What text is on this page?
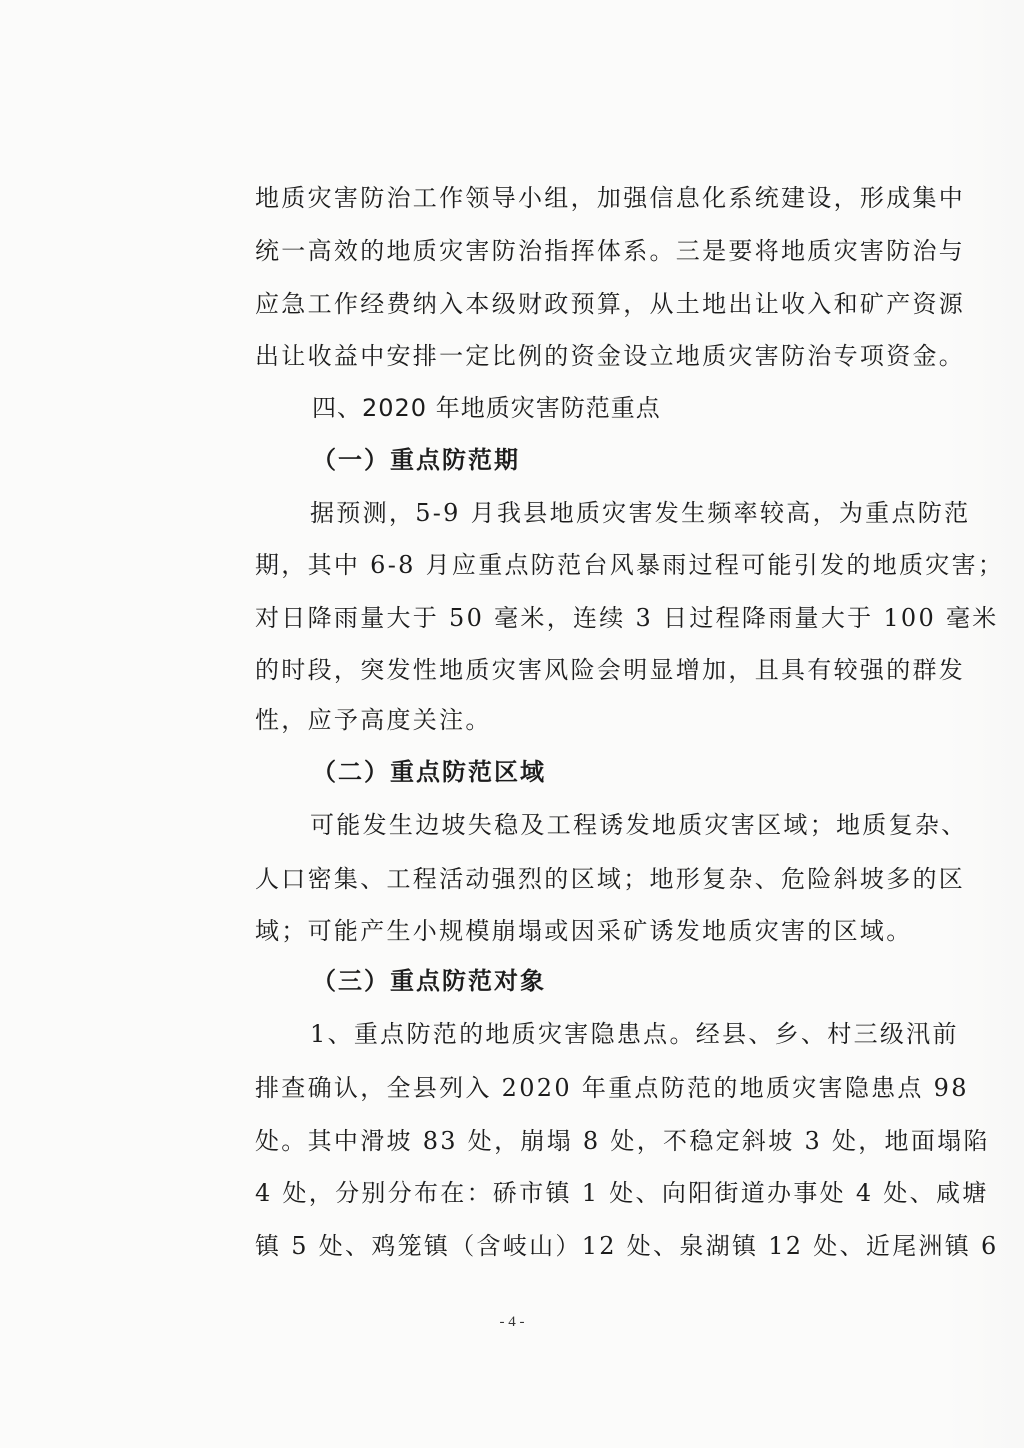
地质灾害防治工作领导小组，加强信息化系统建设，形成集中
统一高效的地质灾害防治指挥体系。三是要将地质灾害防治与
应急工作经费纳入本级财政预算，从土地出让收入和矿产资源
出让收益中安排一定比例的资金设立地质灾害防治专项资金。
四、2020 年地质灾害防范重点
（一）重点防范期
据预测，5-9 月我县地质灾害发生频率较高，为重点防范
期，其中 6-8 月应重点防范台风暴雨过程可能引发的地质灾害；
对日降雨量大于 50 毫米，连续 3 日过程降雨量大于 100 毫米
的时段，突发性地质灾害风险会明显增加，且具有较强的群发
性，应予高度关注。
（二）重点防范区域
可能发生边坡失稳及工程诱发地质灾害区域；地质复杂、
人口密集、工程活动强烈的区域；地形复杂、危险斜坡多的区
域；可能产生小规模崩塌或因采矿诱发地质灾害的区域。
（三）重点防范对象
1、重点防范的地质灾害隐患点。经县、乡、村三级汛前
排查确认，全县列入 2020 年重点防范的地质灾害隐患点 98
处。其中滑坡 83 处，崩塌 8 处，不稳定斜坡 3 处，地面塌陷
4 处，分别分布在：硚市镇 1 处、向阳街道办事处 4 处、咸塘
镇 5 处、鸡笼镇（含岐山）12 处、泉湖镇 12 处、近尾洲镇 6
- 4 -
